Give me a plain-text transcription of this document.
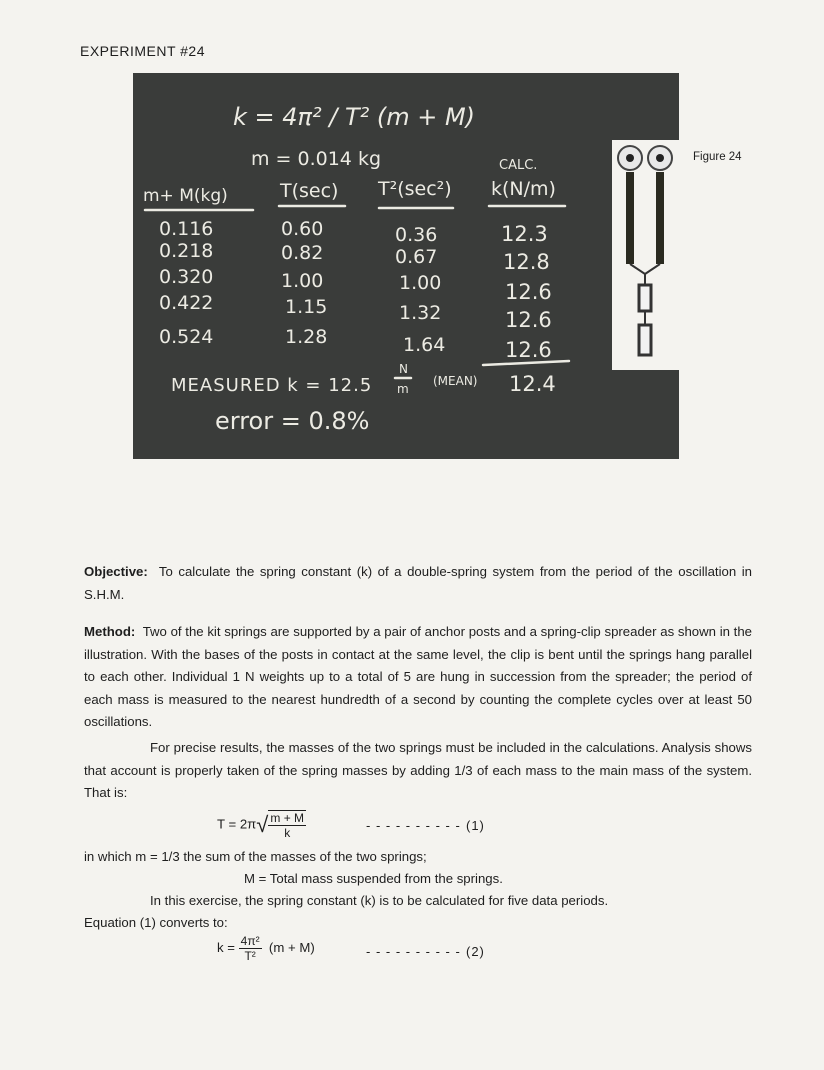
EXPERIMENT #24
k = 4π² / T² (m + M)
m = 0.014 kg	CALC.
m+ M(kg)	T(sec) T²(sec²) k(N/m)
0.116	0.60	0.36	12.3
0.218	0.82	0.67	12.8
0.320	1.00	1.00	12.6
0.422	1.15	1.32	12.6
0.524	1.28	1.64	12.6
MEASURED k = 12.5
N
m
(MEAN) 12.4
error = 0.8%
Figure 24

Objective: To calculate the spring constant (k) of a double-spring system from the period of the oscillation in S.H.M.

Method: Two of the kit springs are supported by a pair of anchor posts and a spring-clip spreader as shown in the illustration. With the bases of the posts in contact at the same level, the clip is bent until the springs hang parallel to each other. Individual 1 N weights up to a total of 5 are hung in succession from the spreader; the period of each mass is measured to the nearest hundredth of a second by counting the complete cycles over at least 50 oscillations.

For precise results, the masses of the two springs must be included in the calculations. Analysis shows that account is properly taken of the spring masses by adding 1/3 of each mass to the main mass of the system. That is:

$T = 2\pi√ \frac{m + M}{k}$	- - - - - - - - - - (1)

in which m = 1/3 the sum of the masses of the two springs;

M = Total mass suspended from the springs.

In this exercise, the spring constant (k) is to be calculated for five data periods.

Equation (1) converts to:

$k = \frac{\text{4π²}}{\text{T²}} (m + M)$	- - - - - - - - - - (2)
